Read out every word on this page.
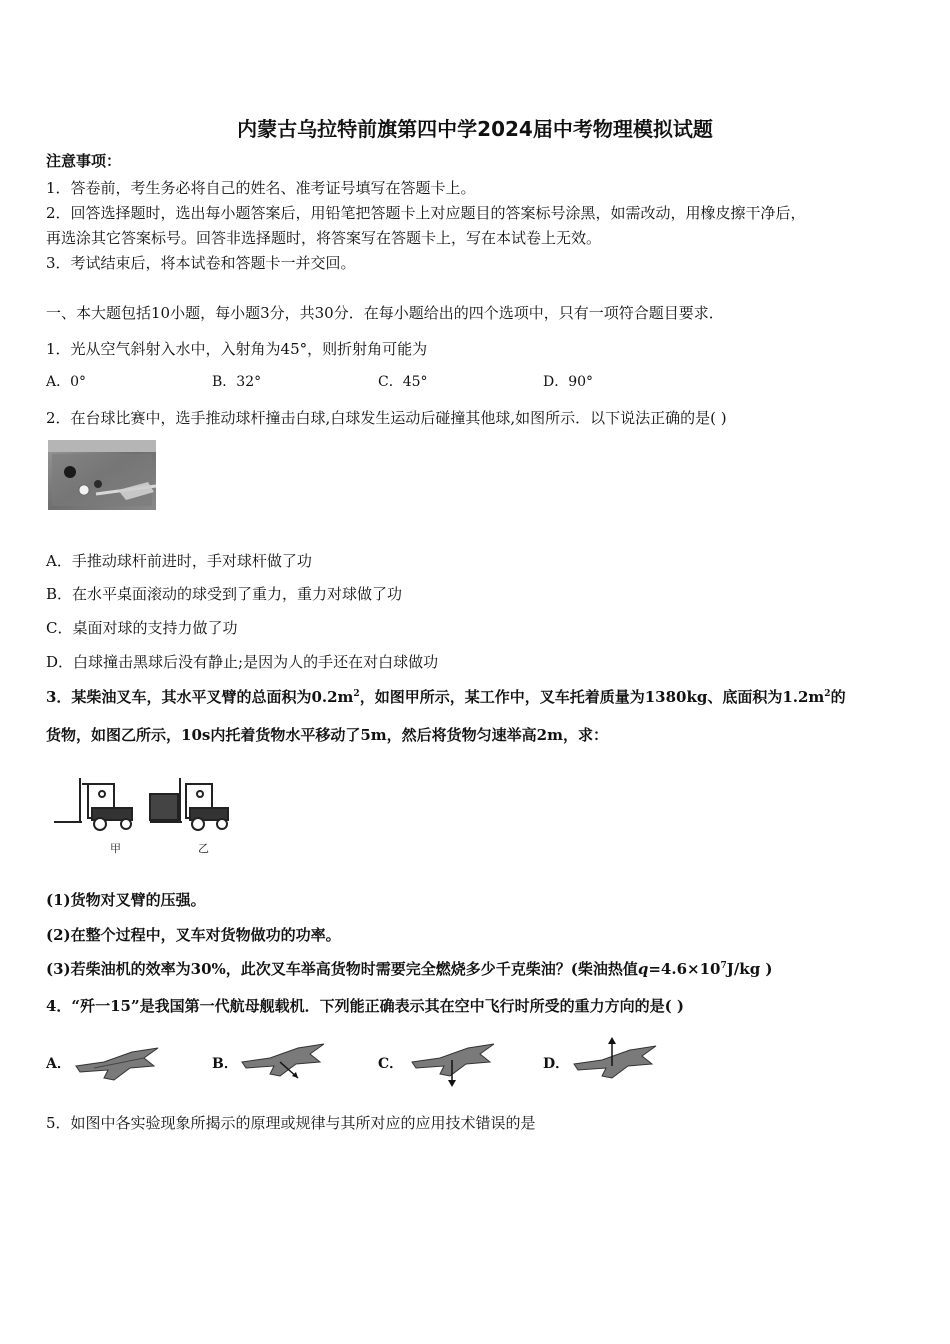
内蒙古乌拉特前旗第四中学2024届中考物理模拟试题
注意事项：
1．答卷前，考生务必将自己的姓名、准考证号填写在答题卡上。
2．回答选择题时，选出每小题答案后，用铅笔把答题卡上对应题目的答案标号涂黑，如需改动，用橡皮擦干净后，
再选涂其它答案标号。回答非选择题时，将答案写在答题卡上，写在本试卷上无效。
3．考试结束后，将本试卷和答题卡一并交回。
一、本大题包括10小题，每小题3分，共30分．在每小题给出的四个选项中，只有一项符合题目要求．
1．光从空气斜射入水中，入射角为45°，则折射角可能为
A．0°	B．32°	C．45°	D．90°
2．在台球比赛中，选手推动球杆撞击白球,白球发生运动后碰撞其他球,如图所示．以下说法正确的是( )
A．手推动球杆前进时，手对球杆做了功
B．在水平桌面滚动的球受到了重力，重力对球做了功
C．桌面对球的支持力做了功
D．白球撞击黑球后没有静止;是因为人的手还在对白球做功
3．某柴油叉车，其水平叉臂的总面积为$0.2m^2$，如图甲所示，某工作中，叉车托着质量为1380kg、底面积为$1.2m^2$的
货物，如图乙所示，10s内托着货物水平移动了5m，然后将货物匀速举高2m，求：
甲	乙
(1)货物对叉臂的压强。
(2)在整个过程中，叉车对货物做功的功率。
(3)若柴油机的效率为30%，此次叉车举高货物时需要完全燃烧多少千克柴油？(柴油热值$q=4.6\times 10^7J/kg$ )
4．“歼一15”是我国第一代航母舰载机．下列能正确表示其在空中飞行时所受的重力方向的是( )
A．	B．	C．	D．
5．如图中各实验现象所揭示的原理或规律与其所对应的应用技术错误的是
